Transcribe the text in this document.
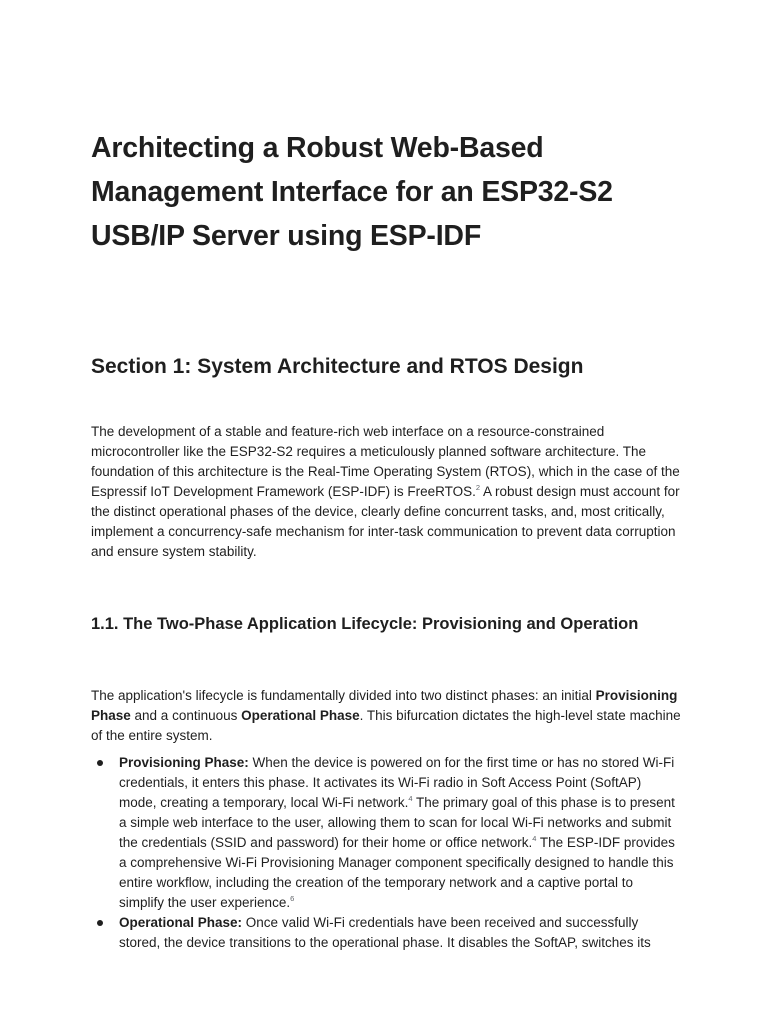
Architecting a Robust Web-Based Management Interface for an ESP32-S2 USB/IP Server using ESP-IDF
Section 1: System Architecture and RTOS Design

The development of a stable and feature-rich web interface on a resource-constrained microcontroller like the ESP32-S2 requires a meticulously planned software architecture. The foundation of this architecture is the Real-Time Operating System (RTOS), which in the case of the Espressif IoT Development Framework (ESP-IDF) is FreeRTOS.$^2$ A robust design must account for the distinct operational phases of the device, clearly define concurrent tasks, and, most critically, implement a concurrency-safe mechanism for inter-task communication to prevent data corruption and ensure system stability.

1.1. The Two-Phase Application Lifecycle: Provisioning and Operation

The application's lifecycle is fundamentally divided into two distinct phases: an initial Provisioning Phase and a continuous Operational Phase. This bifurcation dictates the high-level state machine of the entire system.

Provisioning Phase: When the device is powered on for the first time or has no stored Wi-Fi credentials, it enters this phase. It activates its Wi-Fi radio in Soft Access Point (SoftAP) mode, creating a temporary, local Wi-Fi network.$^4$ The primary goal of this phase is to present a simple web interface to the user, allowing them to scan for local Wi-Fi networks and submit the credentials (SSID and password) for their home or office network.$^4$ The ESP-IDF provides a comprehensive Wi-Fi Provisioning Manager component specifically designed to handle this entire workflow, including the creation of the temporary network and a captive portal to simplify the user experience.$^6$
Operational Phase: Once valid Wi-Fi credentials have been received and successfully stored, the device transitions to the operational phase. It disables the SoftAP, switches its
